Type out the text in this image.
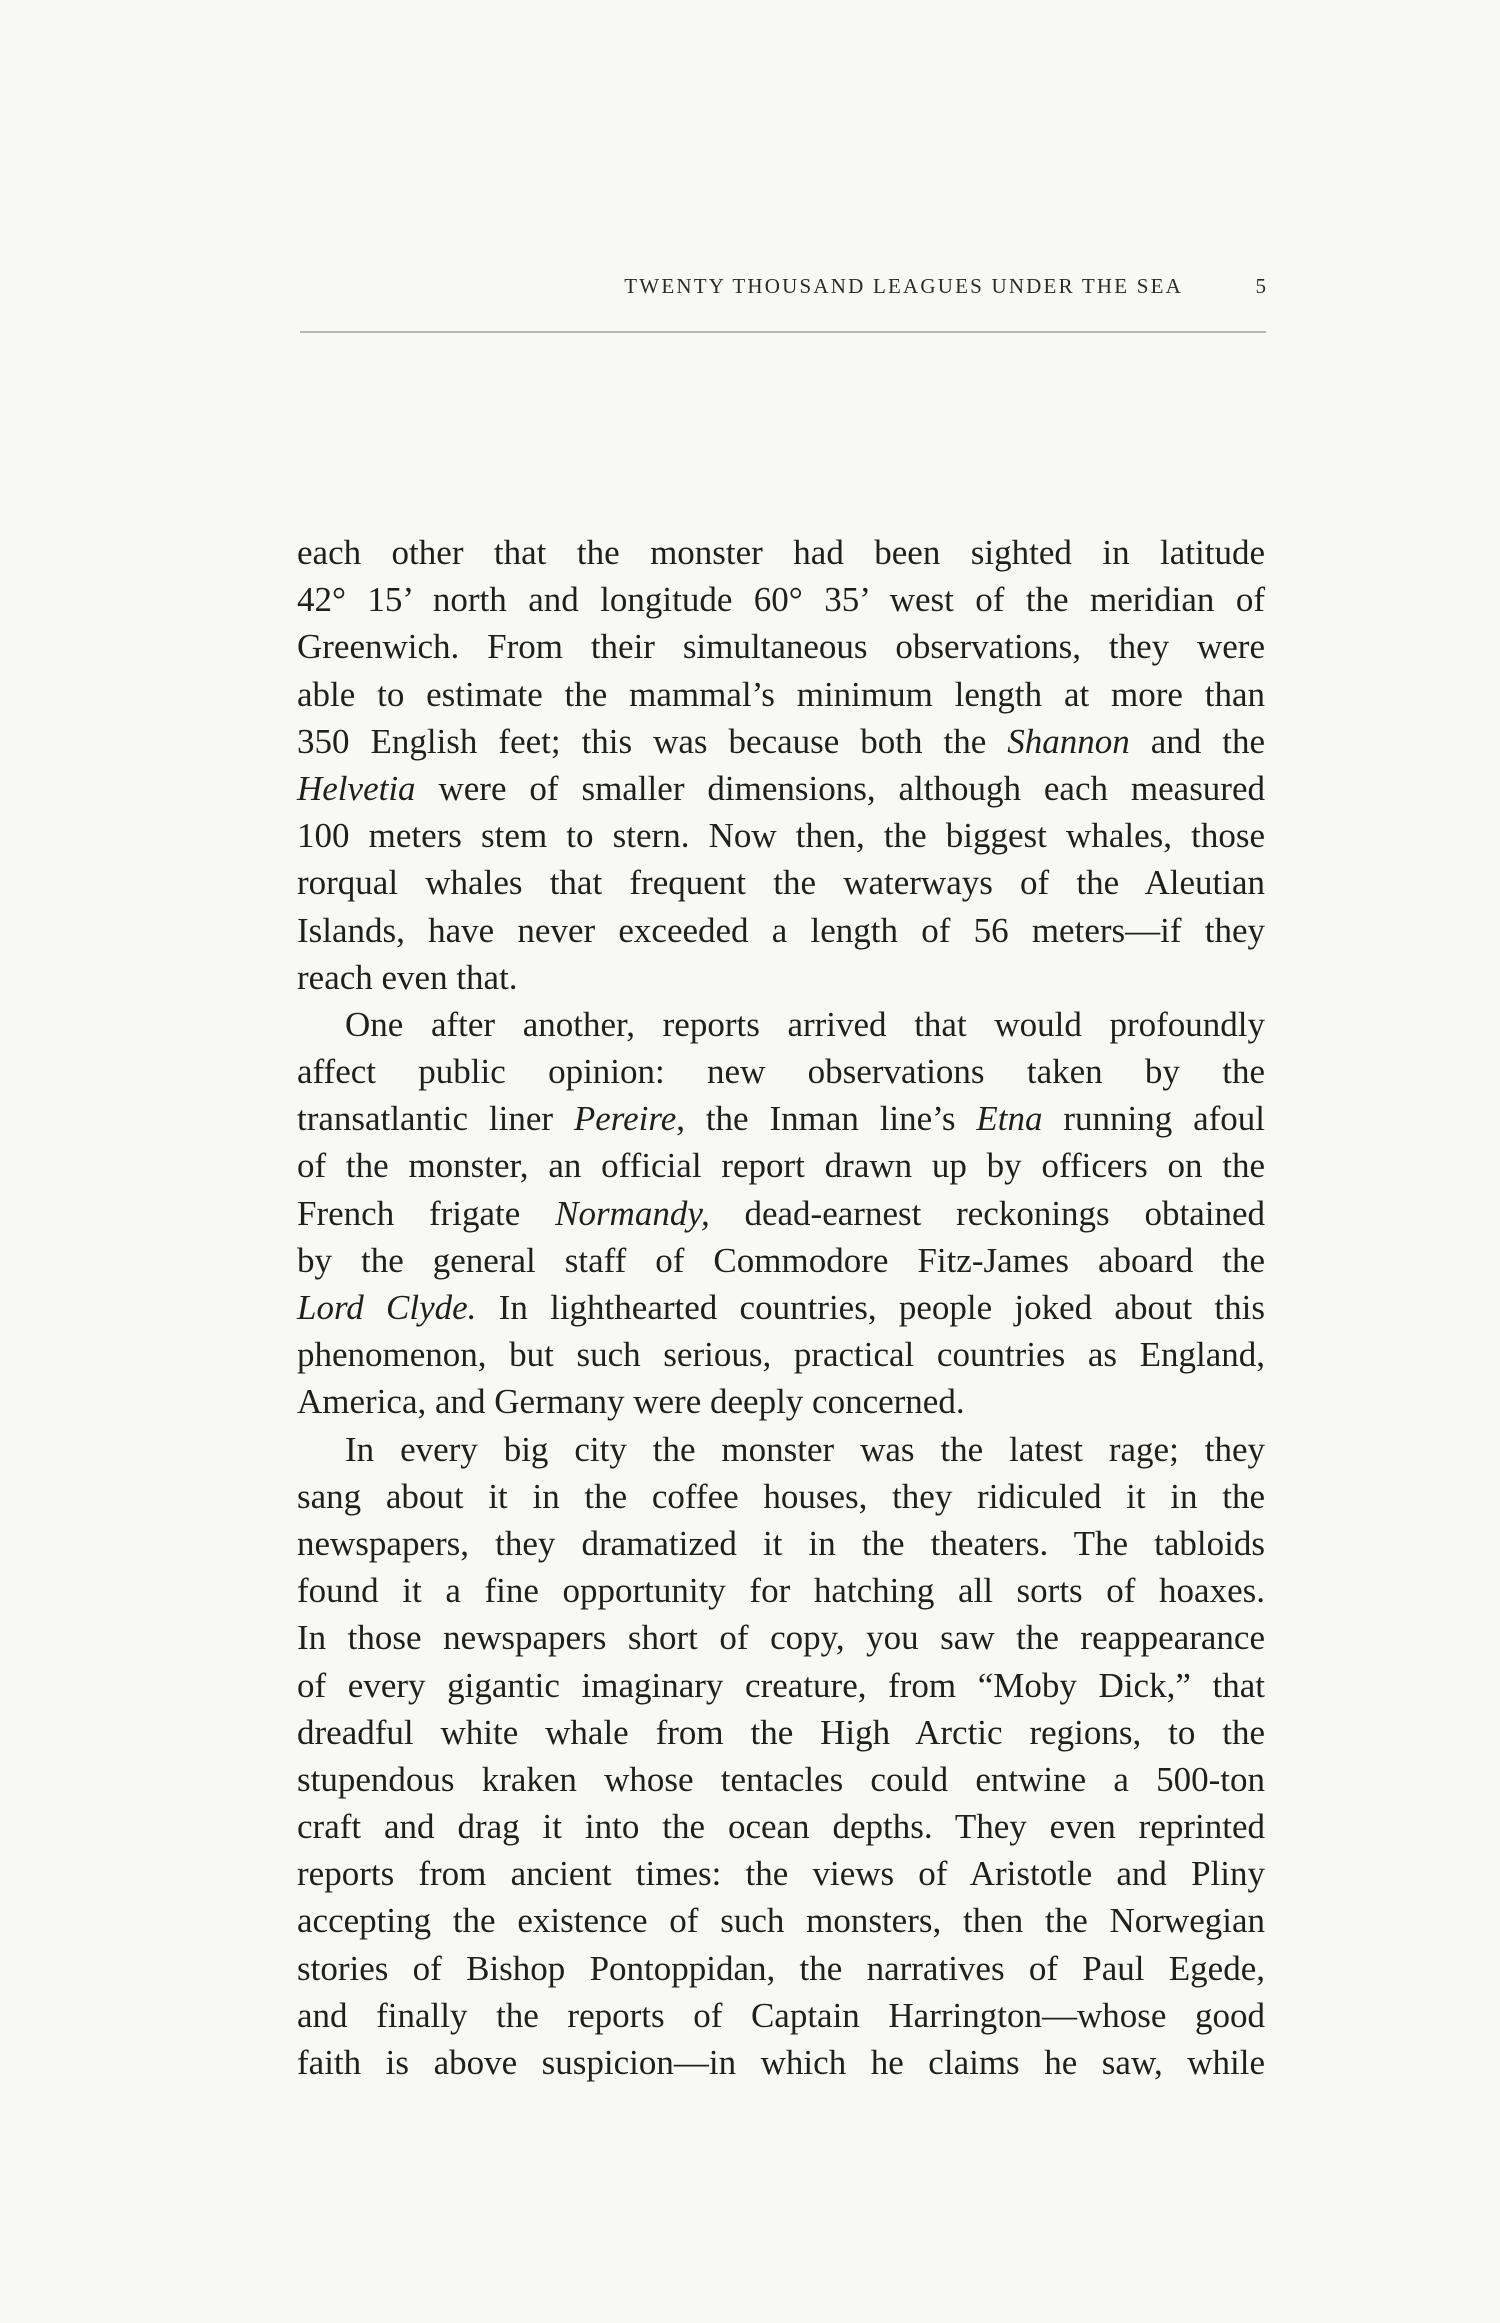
TWENTY THOUSAND LEAGUES UNDER THE SEA	5
each other that the monster had been sighted in latitude
42° 15’ north and longitude 60° 35’ west of the meridian of
Greenwich. From their simultaneous observations, they were
able to estimate the mammal’s minimum length at more than
350 English feet; this was because both the Shannon and the
Helvetia were of smaller dimensions, although each measured
100 meters stem to stern. Now then, the biggest whales, those
rorqual whales that frequent the waterways of the Aleutian
Islands, have never exceeded a length of 56 meters—if they
reach even that.
One after another, reports arrived that would profoundly
affect public opinion: new observations taken by the
transatlantic liner Pereire, the Inman line’s Etna running afoul
of the monster, an official report drawn up by officers on the
French frigate Normandy, dead-earnest reckonings obtained
by the general staff of Commodore Fitz-James aboard the
Lord Clyde. In lighthearted countries, people joked about this
phenomenon, but such serious, practical countries as England,
America, and Germany were deeply concerned.
In every big city the monster was the latest rage; they
sang about it in the coffee houses, they ridiculed it in the
newspapers, they dramatized it in the theaters. The tabloids
found it a fine opportunity for hatching all sorts of hoaxes.
In those newspapers short of copy, you saw the reappearance
of every gigantic imaginary creature, from “Moby Dick,” that
dreadful white whale from the High Arctic regions, to the
stupendous kraken whose tentacles could entwine a 500-ton
craft and drag it into the ocean depths. They even reprinted
reports from ancient times: the views of Aristotle and Pliny
accepting the existence of such monsters, then the Norwegian
stories of Bishop Pontoppidan, the narratives of Paul Egede,
and finally the reports of Captain Harrington—whose good
faith is above suspicion—in which he claims he saw, while
